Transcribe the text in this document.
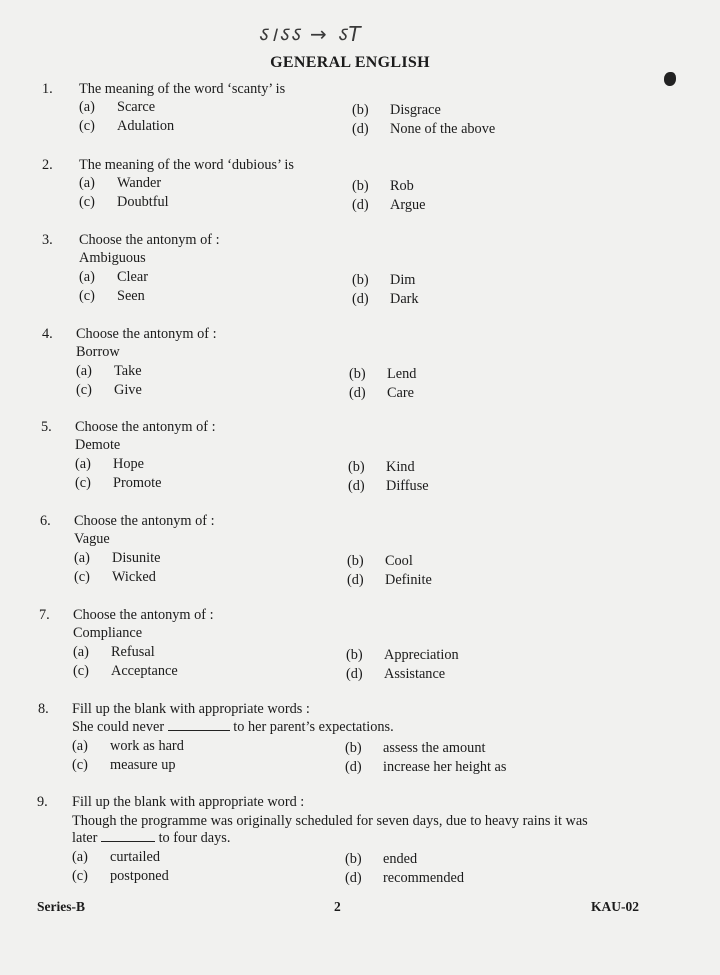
ऽ।ऽऽ → ऽT
GENERAL ENGLISH
1. The meaning of the word ‘scanty’ is
(a) Scarce	(b) Disgrace
(c) Adulation	(d) None of the above
2. The meaning of the word ‘dubious’ is
(a) Wander	(b) Rob
(c) Doubtful	(d) Argue
3. Choose the antonym of :
Ambiguous
(a) Clear	(b) Dim
(c) Seen	(d) Dark
4. Choose the antonym of :
Borrow
(a) Take	(b) Lend
(c) Give	(d) Care
5. Choose the antonym of :
Demote
(a) Hope	(b) Kind
(c) Promote	(d) Diffuse
6. Choose the antonym of :
Vague
(a) Disunite	(b) Cool
(c) Wicked	(d) Definite
7. Choose the antonym of :
Compliance
(a) Refusal	(b) Appreciation
(c) Acceptance	(d) Assistance
8. Fill up the blank with appropriate words :
She could never	to her parent’s expectations.
(a) work as hard	(b) assess the amount
(c) measure up	(d) increase her height as
9. Fill up the blank with appropriate word :
Though the programme was originally scheduled for seven days, due to heavy rains it was
later	to four days.
(a) curtailed	(b) ended
(c) postponed	(d) recommended
Series-B	2	KAU-02
